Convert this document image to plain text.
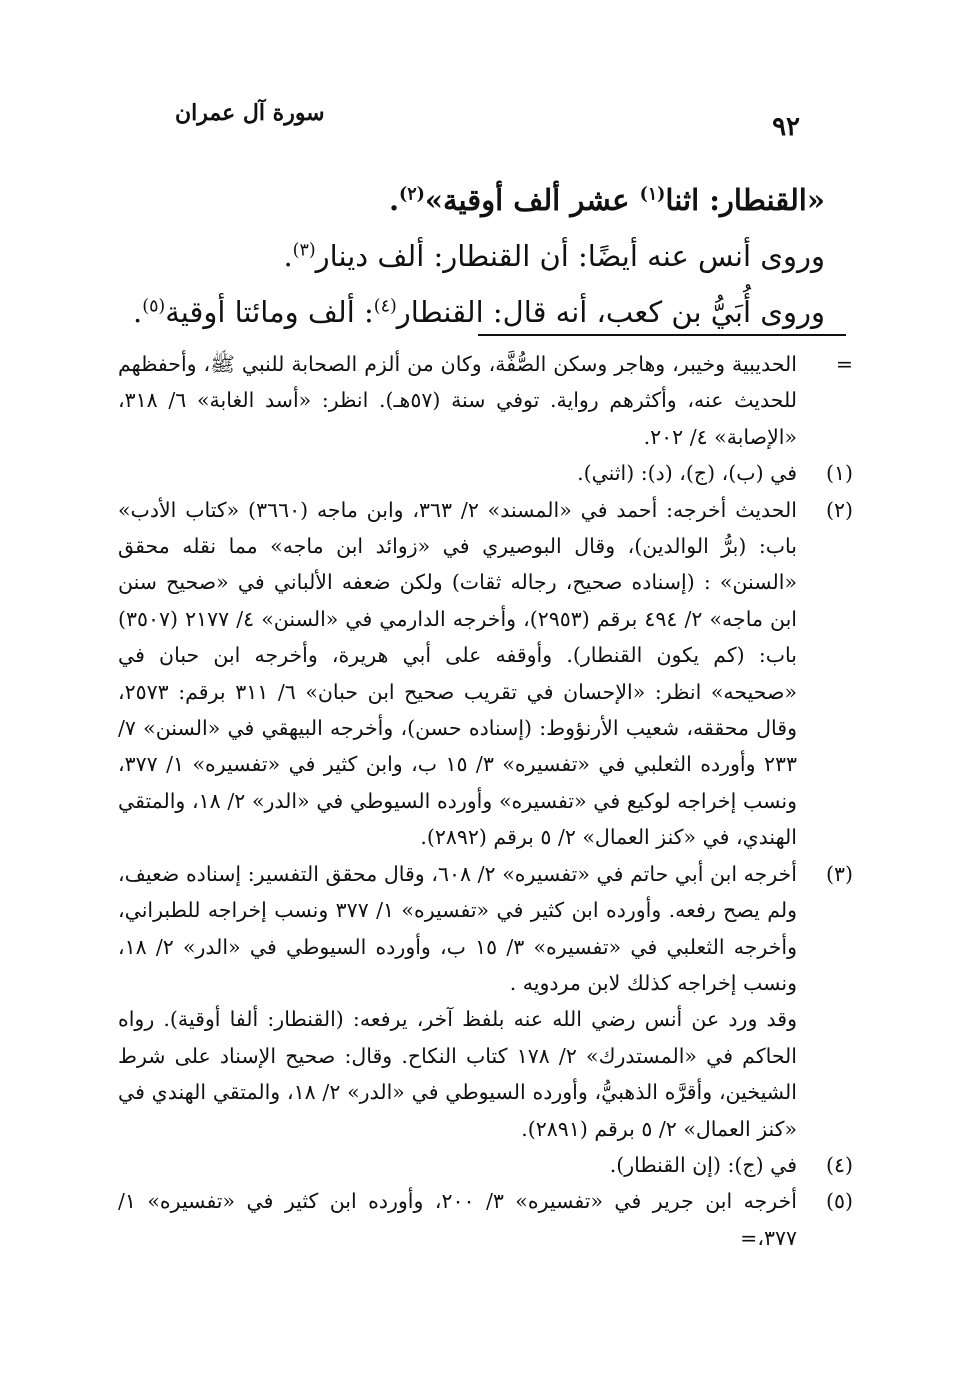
سورة آل عمران	٩٢

«القنطار: اثنا$^{(١)}$ عشر ألف أوقية»$^{(٢)}$.

وروى أنس عنه أيضًا: أن القنطار: ألف دينار$^{(٣)}$.

وروى أُبَيُّ بن كعب، أنه قال: القنطار$^{(٤)}$: ألف ومائتا أوقية$^{(٥)}$.

=

الحديبية وخيبر، وهاجر وسكن الصُّفَّة، وكان من ألزم الصحابة للنبي ﷺ، وأحفظهم للحديث عنه، وأكثرهم رواية. توفي سنة (٥٧هـ). انظر: «أسد الغابة» ٦/ ٣١٨، «الإصابة» ٤/ ٢٠٢.

(١)

في (ب)، (ج)، (د): (اثني).

(٢)

الحديث أخرجه: أحمد في «المسند» ٢/ ٣٦٣، وابن ماجه (٣٦٦٠) «كتاب الأدب» باب: (برُّ الوالدين)، وقال البوصيري في «زوائد ابن ماجه» مما نقله محقق «السنن» : (إسناده صحيح، رجاله ثقات) ولكن ضعفه الألباني في «صحيح سنن ابن ماجه» ٢/ ٤٩٤ برقم (٢٩٥٣)، وأخرجه الدارمي في «السنن» ٤/ ٢١٧٧ (٣٥٠٧) باب: (كم يكون القنطار). وأوقفه على أبي هريرة، وأخرجه ابن حبان في «صحيحه» انظر: «الإحسان في تقريب صحيح ابن حبان» ٦/ ٣١١ برقم: ٢٥٧٣، وقال محققه، شعيب الأرنؤوط: (إسناده حسن)، وأخرجه البيهقي في «السنن» ٧/ ٢٣٣ وأورده الثعلبي في «تفسيره» ٣/ ١٥ ب، وابن كثير في «تفسيره» ١/ ٣٧٧، ونسب إخراجه لوكيع في «تفسيره» وأورده السيوطي في «الدر» ٢/ ١٨، والمتقي الهندي، في «كنز العمال» ٢/ ٥ برقم (٢٨٩٢).

(٣)

أخرجه ابن أبي حاتم في «تفسيره» ٢/ ٦٠٨، وقال محقق التفسير: إسناده ضعيف، ولم يصح رفعه. وأورده ابن كثير في «تفسيره» ١/ ٣٧٧ ونسب إخراجه للطبراني، وأخرجه الثعلبي في «تفسيره» ٣/ ١٥ ب، وأورده السيوطي في «الدر» ٢/ ١٨، ونسب إخراجه كذلك لابن مردويه .

وقد ورد عن أنس رضي الله عنه بلفظ آخر، يرفعه: (القنطار: ألفا أوقية). رواه الحاكم في «المستدرك» ٢/ ١٧٨ كتاب النكاح. وقال: صحيح الإسناد على شرط الشيخين، وأقرَّه الذهبيُّ، وأورده السيوطي في «الدر» ٢/ ١٨، والمتقي الهندي في «كنز العمال» ٢/ ٥ برقم (٢٨٩١).

(٤)

في (ج): (إن القنطار).

(٥)

أخرجه ابن جرير في «تفسيره» ٣/ ٢٠٠، وأورده ابن كثير في «تفسيره» ١/ ٣٧٧،=
